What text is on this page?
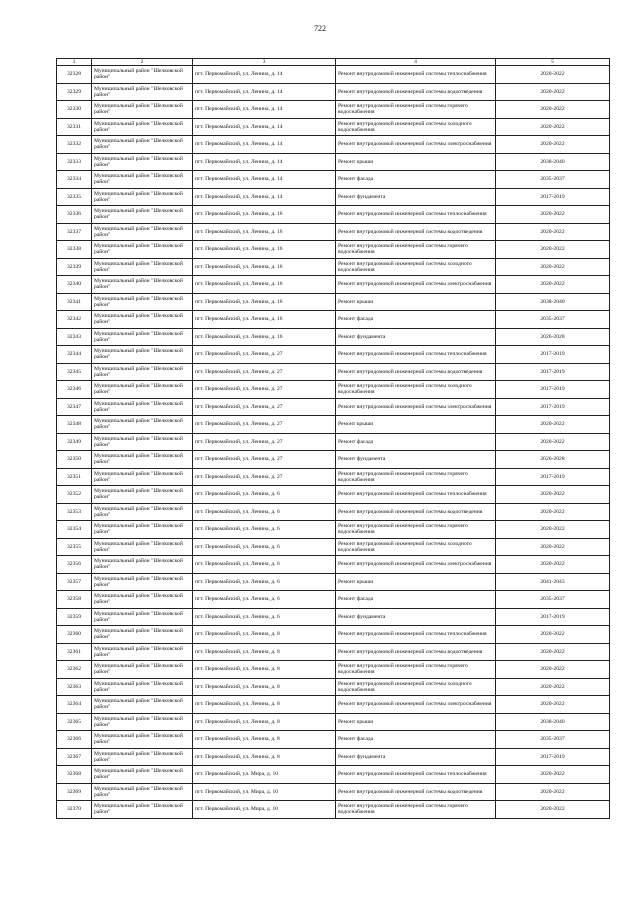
722
1	2	3	4	5
32328	Муниципальный район "Шелковской район"	пгт. Первомайский, ул. Ленина, д. 14	Ремонт внутридомовой инженерной системы теплоснабжения	2020-2022
32329	Муниципальный район "Шелковской район"	пгт. Первомайский, ул. Ленина, д. 14	Ремонт внутридомовой инженерной системы водоотведения	2020-2022
32330	Муниципальный район "Шелковской район"	пгт. Первомайский, ул. Ленина, д. 14	Ремонт внутридомовой инженерной системы горячего водоснабжения	2020-2022
32331	Муниципальный район "Шелковской район"	пгт. Первомайский, ул. Ленина, д. 14	Ремонт внутридомовой инженерной системы холодного водоснабжения	2020-2022
32332	Муниципальный район "Шелковской район"	пгт. Первомайский, ул. Ленина, д. 14	Ремонт внутридомовой инженерной системы электроснабжения	2020-2022
32333	Муниципальный район "Шелковской район"	пгт. Первомайский, ул. Ленина, д. 14	Ремонт крыши	2038-2040
32334	Муниципальный район "Шелковской район"	пгт. Первомайский, ул. Ленина, д. 14	Ремонт фасада	2035-2037
32335	Муниципальный район "Шелковской район"	пгт. Первомайский, ул. Ленина, д. 14	Ремонт фундамента	2017-2019
32336	Муниципальный район "Шелковской район"	пгт. Первомайский, ул. Ленина, д. 16	Ремонт внутридомовой инженерной системы теплоснабжения	2020-2022
32337	Муниципальный район "Шелковской район"	пгт. Первомайский, ул. Ленина, д. 16	Ремонт внутридомовой инженерной системы водоотведения	2020-2022
32338	Муниципальный район "Шелковской район"	пгт. Первомайский, ул. Ленина, д. 16	Ремонт внутридомовой инженерной системы горячего водоснабжения	2020-2022
32339	Муниципальный район "Шелковской район"	пгт. Первомайский, ул. Ленина, д. 16	Ремонт внутридомовой инженерной системы холодного водоснабжения	2020-2022
32340	Муниципальный район "Шелковской район"	пгт. Первомайский, ул. Ленина, д. 16	Ремонт внутридомовой инженерной системы электроснабжения	2020-2022
32341	Муниципальный район "Шелковской район"	пгт. Первомайский, ул. Ленина, д. 16	Ремонт крыши	2038-2040
32342	Муниципальный район "Шелковской район"	пгт. Первомайский, ул. Ленина, д. 16	Ремонт фасада	2035-2037
32343	Муниципальный район "Шелковской район"	пгт. Первомайский, ул. Ленина, д. 16	Ремонт фундамента	2026-2028
32344	Муниципальный район "Шелковской район"	пгт. Первомайский, ул. Ленина, д. 27	Ремонт внутридомовой инженерной системы теплоснабжения	2017-2019
32345	Муниципальный район "Шелковской район"	пгт. Первомайский, ул. Ленина, д. 27	Ремонт внутридомовой инженерной системы водоотведения	2017-2019
32346	Муниципальный район "Шелковской район"	пгт. Первомайский, ул. Ленина, д. 27	Ремонт внутридомовой инженерной системы холодного водоснабжения	2017-2019
32347	Муниципальный район "Шелковской район"	пгт. Первомайский, ул. Ленина, д. 27	Ремонт внутридомовой инженерной системы электроснабжения	2017-2019
32348	Муниципальный район "Шелковской район"	пгт. Первомайский, ул. Ленина, д. 27	Ремонт крыши	2020-2022
32349	Муниципальный район "Шелковской район"	пгт. Первомайский, ул. Ленина, д. 27	Ремонт фасада	2020-2022
32350	Муниципальный район "Шелковской район"	пгт. Первомайский, ул. Ленина, д. 27	Ремонт фундамента	2026-2028
32351	Муниципальный район "Шелковской район"	пгт. Первомайский, ул. Ленина, д. 27	Ремонт внутридомовой инженерной системы горячего водоснабжения	2017-2019
32352	Муниципальный район "Шелковской район"	пгт. Первомайский, ул. Ленина, д. 6	Ремонт внутридомовой инженерной системы теплоснабжения	2020-2022
32353	Муниципальный район "Шелковской район"	пгт. Первомайский, ул. Ленина, д. 6	Ремонт внутридомовой инженерной системы водоотведения	2020-2022
32354	Муниципальный район "Шелковской район"	пгт. Первомайский, ул. Ленина, д. 6	Ремонт внутридомовой инженерной системы горячего водоснабжения	2020-2022
32355	Муниципальный район "Шелковской район"	пгт. Первомайский, ул. Ленина, д. 6	Ремонт внутридомовой инженерной системы холодного водоснабжения	2020-2022
32356	Муниципальный район "Шелковской район"	пгт. Первомайский, ул. Ленина, д. 6	Ремонт внутридомовой инженерной системы электроснабжения	2020-2022
32357	Муниципальный район "Шелковской район"	пгт. Первомайский, ул. Ленина, д. 6	Ремонт крыши	2041-2043
32358	Муниципальный район "Шелковской район"	пгт. Первомайский, ул. Ленина, д. 6	Ремонт фасада	2035-2037
32359	Муниципальный район "Шелковской район"	пгт. Первомайский, ул. Ленина, д. 6	Ремонт фундамента	2017-2019
32360	Муниципальный район "Шелковской район"	пгт. Первомайский, ул. Ленина, д. 8	Ремонт внутридомовой инженерной системы теплоснабжения	2020-2022
32361	Муниципальный район "Шелковской район"	пгт. Первомайский, ул. Ленина, д. 8	Ремонт внутридомовой инженерной системы водоотведения	2020-2022
32362	Муниципальный район "Шелковской район"	пгт. Первомайский, ул. Ленина, д. 8	Ремонт внутридомовой инженерной системы горячего водоснабжения	2020-2022
32363	Муниципальный район "Шелковской район"	пгт. Первомайский, ул. Ленина, д. 8	Ремонт внутридомовой инженерной системы холодного водоснабжения	2020-2022
32364	Муниципальный район "Шелковской район"	пгт. Первомайский, ул. Ленина, д. 8	Ремонт внутридомовой инженерной системы электроснабжения	2020-2022
32365	Муниципальный район "Шелковской район"	пгт. Первомайский, ул. Ленина, д. 8	Ремонт крыши	2038-2040
32366	Муниципальный район "Шелковской район"	пгт. Первомайский, ул. Ленина, д. 8	Ремонт фасада	2035-2037
32367	Муниципальный район "Шелковской район"	пгт. Первомайский, ул. Ленина, д. 8	Ремонт фундамента	2017-2019
32368	Муниципальный район "Шелковской район"	пгт. Первомайский, ул. Мира, д. 10	Ремонт внутридомовой инженерной системы теплоснабжения	2020-2022
32369	Муниципальный район "Шелковской район"	пгт. Первомайский, ул. Мира, д. 10	Ремонт внутридомовой инженерной системы водоотведения	2020-2022
32370	Муниципальный район "Шелковской район"	пгт. Первомайский, ул. Мира, д. 10	Ремонт внутридомовой инженерной системы горячего водоснабжения	2020-2022
